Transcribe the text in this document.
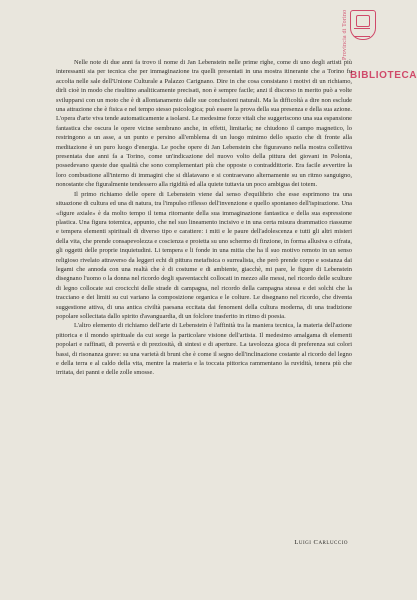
Provincia di Torino
BIBLIOTECA

Nelle note di due anni fa trovo il nome di Jan Lebenstein nelle prime righe, come di uno degli artisti più interessanti sia per tecnica che per immaginazione tra quelli presentati in una mostra itinerante che a Torino fu accolta nelle sale dell'Unione Culturale a Palazzo Carignano. Dire in che cosa consistano i motivi di un richiamo, dirli cioè in modo che risultino analiticamente precisati, non è sempre facile; anzi il discorso in merito può a volte svilupparsi con un moto che è di allontanamento dalle sue conclusioni naturali. Ma la difficoltà a dire non esclude una attrazione che è fisica e nel tempo stesso psicologica; può essere la prova della sua presenza e della sua azione. L'opera d'arte viva tende automaticamente a isolarsi. Le medesime forze vitali che suggeriscono una sua espansione fantastica che oscura le opere vicine sembrano anche, in effetti, limitarla; ne chiudono il campo magnetico, lo restringono a un asse, a un punto e persino all'emblema di un luogo minimo dello spazio che di fronte alla meditazione è un puro luogo d'energia. Le poche opere di Jan Lebenstein che figuravano nella mostra collettiva presentata due anni fa a Torino, come un'indicazione del nuovo volto della pittura dei giovani in Polonia, possedevano queste due qualità che sono complementari più che opposte o contraddittorie. Era facile avvertire la loro combustione all'interno di immagini che si dilatavano e si contraevano alternamente su un ritmo sanguigno, nonostante che figuralmente tendessero alla rigidità ed alla quiete tuttavia un poco ambigua dei totem.

Il primo richiamo delle opere di Lebenstein viene dal senso d'equilibrio che esse esprimono tra una situazione di cultura ed una di natura, tra l'impulso riflesso dell'invenzione e quello spontaneo dell'ispirazione. Una «figure axiale» è da molto tempo il tema ritornante della sua immaginazione fantastica e della sua espressione plastica. Una figura totemica, appunto, che nel suo lineamento incisivo e in una certa misura drammatico riassume e tempera elementi spirituali di diverso tipo e carattere: i miti e le paure dell'adolescenza e tutti gli altri misteri della vita, che prende consapevolezza e coscienza e proietta su uno schermo di finzione, in forma allusiva o cifrata, gli oggetti delle proprie inquietudini. Li tempera e li fonde in una mitia che ha il suo motivo remoto in un senso religioso rivelato attraverso da leggeri echi di pittura metafisica o surrealista, che però prende corpo e sostanza dai legami che annoda con una realtà che è di costume e di ambiente, giacchè, mi pare, le figure di Lebenstein disegnano l'uomo o la donna nel ricordo degli spaventacchi collocati in mezzo alle messi, nel ricordo delle sculture di legno collocate sui crocicchi delle strade di campagna, nel ricordo della campagna stessa e dei solchi che la tracciano e dei limiti su cui variano la composizione organica e le colture. Le disegnano nel ricordo, che diventa suggestione attiva, di una antica civiltà paesana eccitata dai fenomeni della cultura moderna, di una tradizione popolare sollecitata dallo spirito d'avanguardia, di un folclore trasferito in ritmo di poesia.

L'altro elemento di richiamo dell'arte di Lebenstein è l'affinità tra la maniera tecnica, la materia dell'azione pittorica e il mondo spirituale da cui sorge la particolare visione dell'artista. Il medesimo amalgama di elementi popolari e raffinati, di povertà e di preziosità, di sintesi e di aperture. La tavolozza gioca di preferenza sui colori bassi, di risonanza grave: su una varietà di bruni che è come il segno dell'inclinazione costante al ricordo del legno e della terra e al caldo della vita, mentre la materia e la toccata pittorica rammentano la ruvidità, tenera più che irritata, dei panni e delle zolle smosse.

Luigi Carluccio
